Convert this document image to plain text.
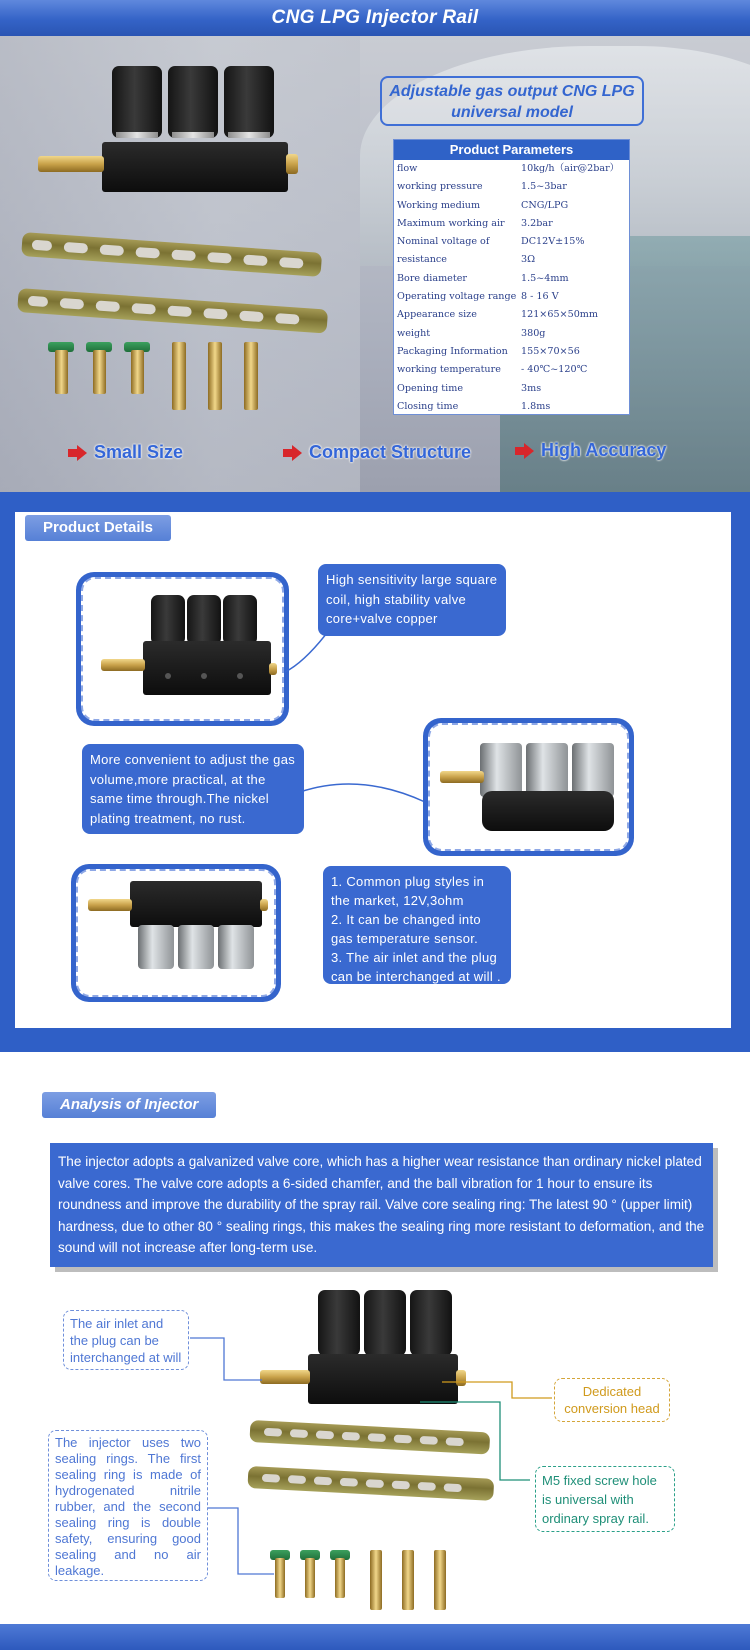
CNG LPG Injector Rail
Adjustable gas output CNG LPG
universal model
Product Parameters
flow	10kg/h（air@2bar）
working pressure	1.5~3bar
Working medium	CNG/LPG
Maximum working air	3.2bar
Nominal voltage of	DC12V±15%
resistance	3Ω
Bore diameter	1.5~4mm
Operating voltage range 8 - 16 V
Appearance size	121×65×50mm
weight	380g
Packaging Information	155×70×56
working temperature	- 40℃~120℃
Opening time	3ms
Closing time	1.8ms
Small Size	Compact Structure	High Accuracy
Product Details
High sensitivity large square coil, high stability valve core+valve copper
More convenient to adjust the gas volume,more practical, at the same time through.The nickel plating treatment, no rust.
1. Common plug styles in the market, 12V,3ohm
2. It can be changed into gas temperature sensor.
3. The air inlet and the plug can be interchanged at will .
Analysis of Injector
The injector adopts a galvanized valve core, which has a higher wear resistance than ordinary nickel plated valve cores. The valve core adopts a 6-sided chamfer, and the ball vibration for 1 hour to ensure its roundness and improve the durability of the spray rail. Valve core sealing ring: The latest 90 ° (upper limit) hardness, due to other 80 ° sealing rings, this makes the sealing ring more resistant to deformation, and the sound will not increase after long-term use.
The air inlet and the plug can be interchanged at will
The injector uses two sealing rings. The first sealing ring is made of hydrogenated nitrile rubber, and the second sealing ring is double safety, ensuring good sealing and no air leakage.
Dedicated conversion head
M5 fixed screw hole is universal with ordinary spray rail.
